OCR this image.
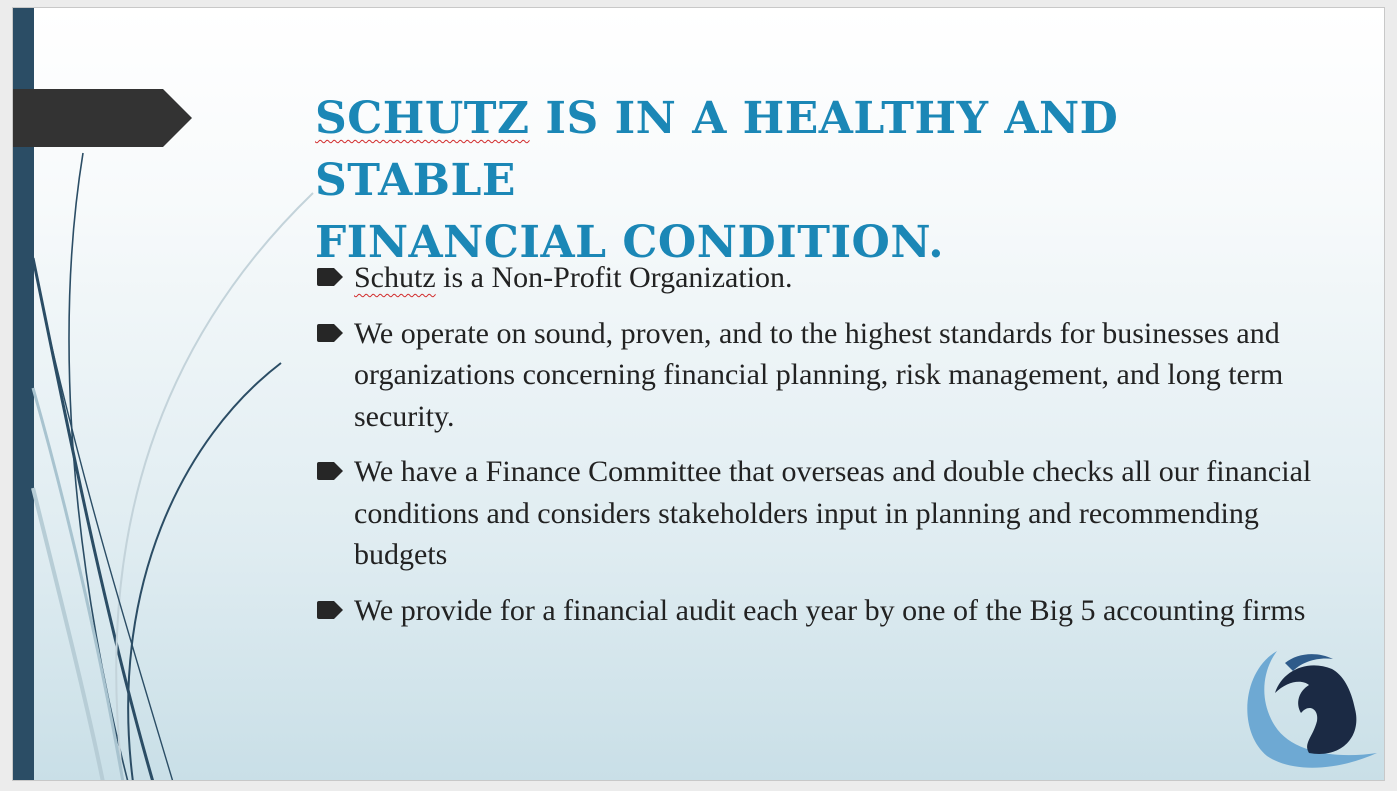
SCHUTZ IS IN A HEALTHY AND STABLE
FINANCIAL CONDITION.
Schutz is a Non-Profit Organization.
We operate on sound, proven, and to the highest standards for businesses and organizations concerning financial planning, risk management, and long term security.
We have a Finance Committee that overseas and double checks all our financial conditions and considers stakeholders input in planning and recommending budgets
We provide for a financial audit each year by one of the Big 5 accounting firms
